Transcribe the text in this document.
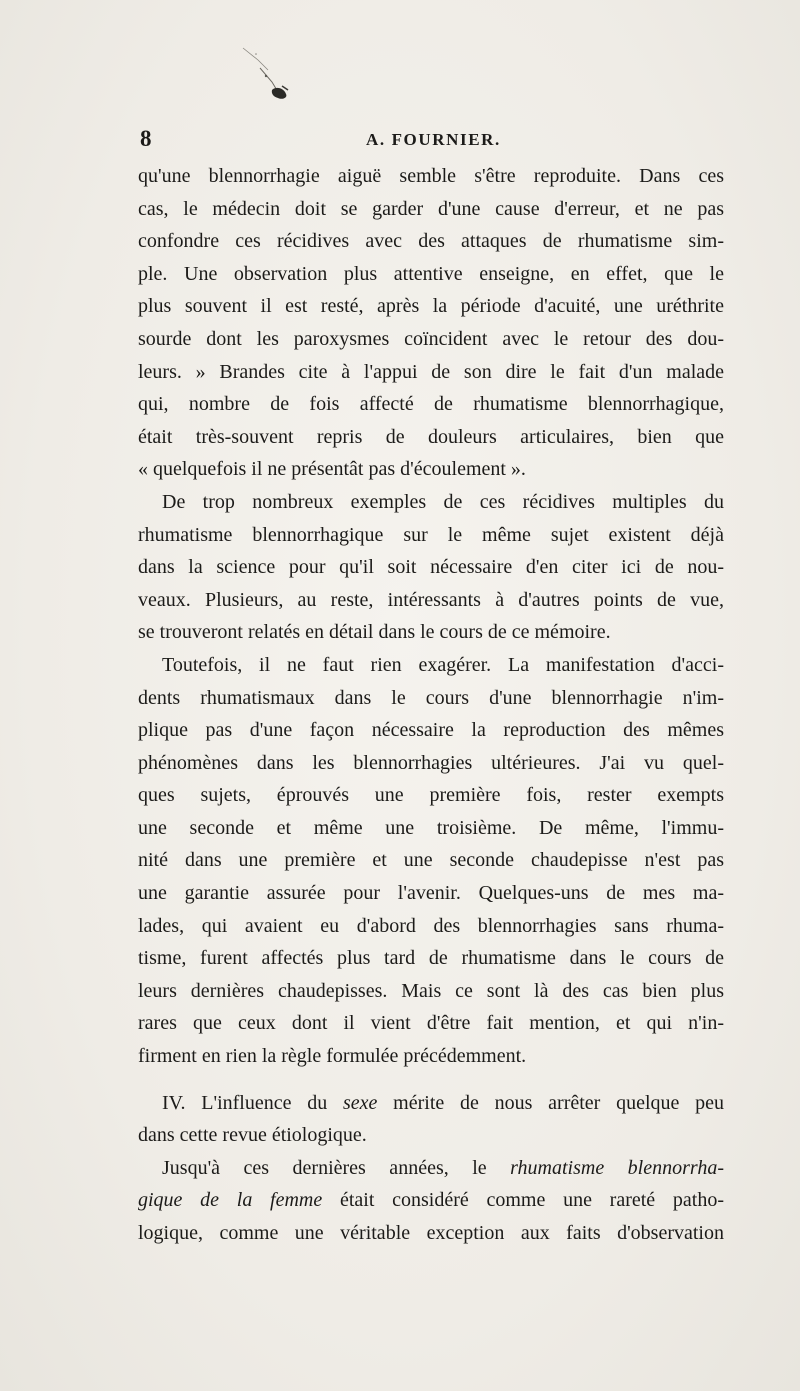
8	A. FOURNIER.

qu'une blennorrhagie aiguë semble s'être reproduite. Dans ces
cas, le médecin doit se garder d'une cause d'erreur, et ne pas
confondre ces récidives avec des attaques de rhumatisme sim-
ple. Une observation plus attentive enseigne, en effet, que le
plus souvent il est resté, après la période d'acuité, une uréthrite
sourde dont les paroxysmes coïncident avec le retour des dou-
leurs. » Brandes cite à l'appui de son dire le fait d'un malade
qui, nombre de fois affecté de rhumatisme blennorrhagique,
était très-souvent repris de douleurs articulaires, bien que
« quelquefois il ne présentât pas d'écoulement ».

De trop nombreux exemples de ces récidives multiples du
rhumatisme blennorrhagique sur le même sujet existent déjà
dans la science pour qu'il soit nécessaire d'en citer ici de nou-
veaux. Plusieurs, au reste, intéressants à d'autres points de vue,
se trouveront relatés en détail dans le cours de ce mémoire.

Toutefois, il ne faut rien exagérer. La manifestation d'acci-
dents rhumatismaux dans le cours d'une blennorrhagie n'im-
plique pas d'une façon nécessaire la reproduction des mêmes
phénomènes dans les blennorrhagies ultérieures. J'ai vu quel-
ques sujets, éprouvés une première fois, rester exempts
une seconde et même une troisième. De même, l'immu-
nité dans une première et une seconde chaudepisse n'est pas
une garantie assurée pour l'avenir. Quelques-uns de mes ma-
lades, qui avaient eu d'abord des blennorrhagies sans rhuma-
tisme, furent affectés plus tard de rhumatisme dans le cours de
leurs dernières chaudepisses. Mais ce sont là des cas bien plus
rares que ceux dont il vient d'être fait mention, et qui n'in-
firment en rien la règle formulée précédemment.

IV. L'influence du sexe mérite de nous arrêter quelque peu
dans cette revue étiologique.

Jusqu'à ces dernières années, le rhumatisme blennorrha-
gique de la femme était considéré comme une rareté patho-
logique, comme une véritable exception aux faits d'observation
